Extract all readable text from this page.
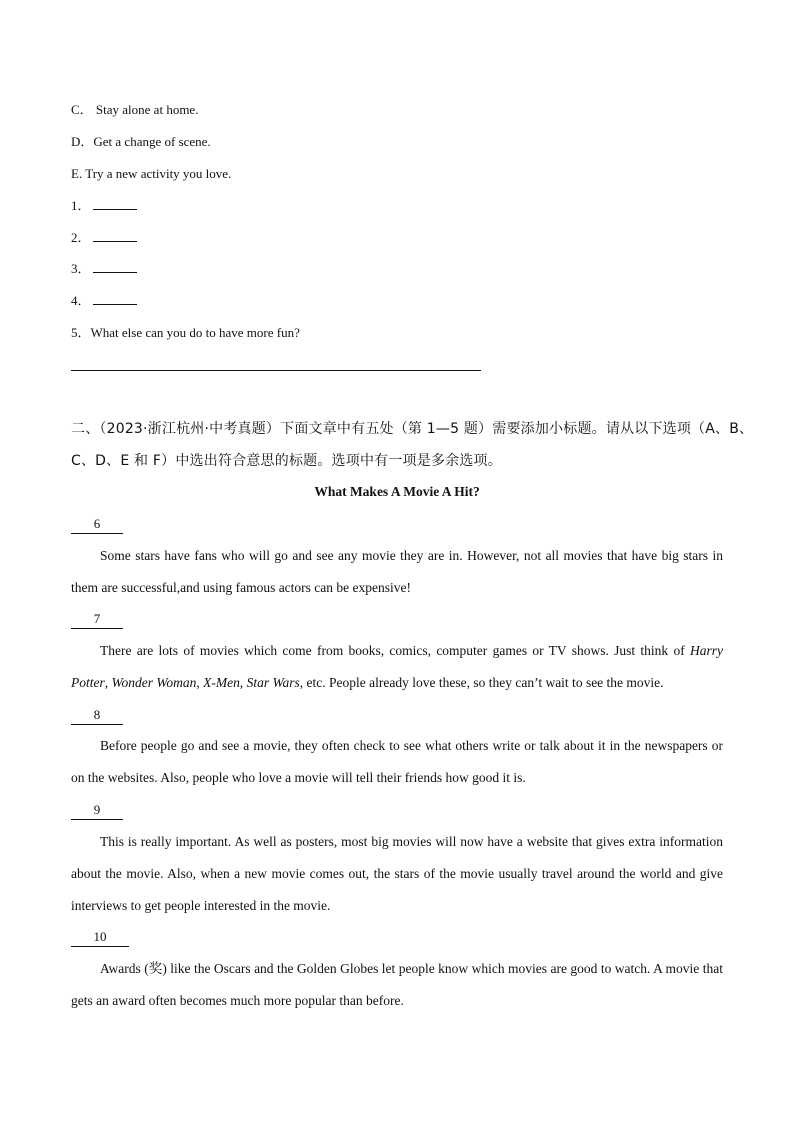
C． Stay alone at home.
D．Get a change of scene.
E. Try a new activity you love.
1．
2．
3．
4．
5．What else can you do to have more fun?
二、（2023·浙江杭州·中考真题）下面文章中有五处（第 1—5 题）需要添加小标题。请从以下选项（A、B、
C、D、E 和 F）中选出符合意思的标题。选项中有一项是多余选项。
What Makes A Movie A Hit?
6
Some stars have fans who will go and see any movie they are in. However, not all movies that have big stars in them are successful,and using famous actors can be expensive!
7
There are lots of movies which come from books, comics, computer games or TV shows. Just think of Harry Potter, Wonder Woman, X-Men, Star Wars, etc. People already love these, so they can’t wait to see the movie.
8
Before people go and see a movie, they often check to see what others write or talk about it in the newspapers or on the websites. Also, people who love a movie will tell their friends how good it is.
9
This is really important. As well as posters, most big movies will now have a website that gives extra information about the movie. Also, when a new movie comes out, the stars of the movie usually travel around the world and give interviews to get people interested in the movie.
10
Awards (奖) like the Oscars and the Golden Globes let people know which movies are good to watch. A movie that gets an award often becomes much more popular than before.
